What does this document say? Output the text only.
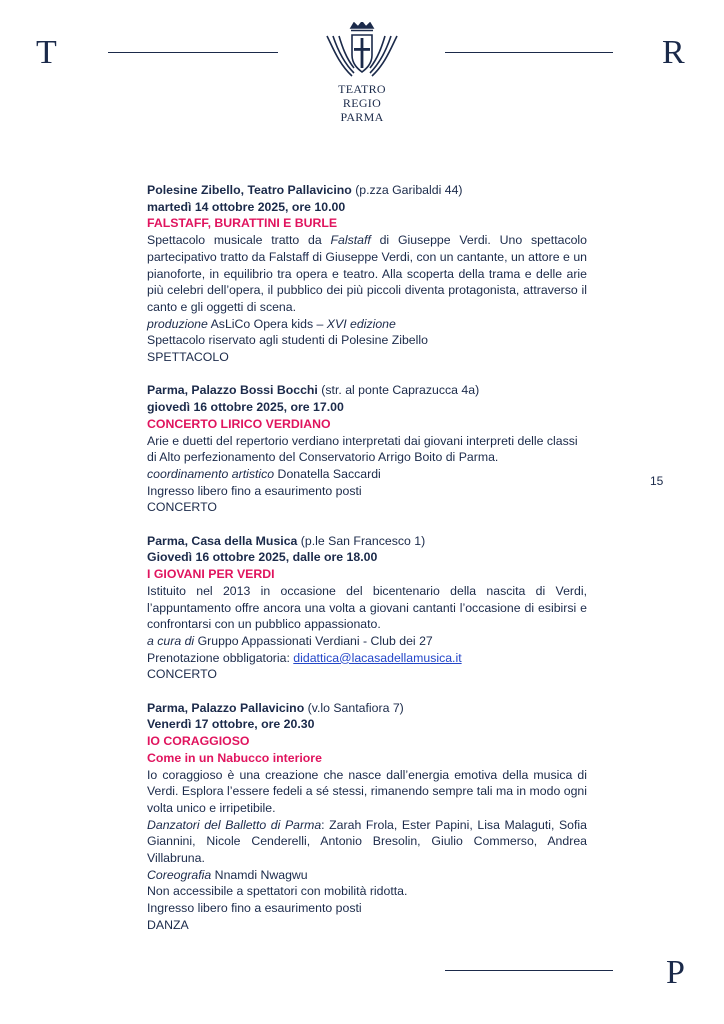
T
TEATRO REGIO
PARMA
R
15

Polesine Zibello, Teatro Pallavicino (p.zza Garibaldi 44)

martedì 14 ottobre 2025, ore 10.00

FALSTAFF, BURATTINI E BURLE

Spettacolo musicale tratto da Falstaff di Giuseppe Verdi. Uno spettacolo partecipativo tratto da Falstaff di Giuseppe Verdi, con un cantante, un attore e un pianoforte, in equilibrio tra opera e teatro. Alla scoperta della trama e delle arie più celebri dell’opera, il pubblico dei più piccoli diventa protagonista, attraverso il canto e gli oggetti di scena.

produzione AsLiCo Opera kids – XVI edizione

Spettacolo riservato agli studenti di Polesine Zibello

SPETTACOLO

Parma, Palazzo Bossi Bocchi (str. al ponte Caprazucca 4a)

giovedì 16 ottobre 2025, ore 17.00

CONCERTO LIRICO VERDIANO

Arie e duetti del repertorio verdiano interpretati dai giovani interpreti delle classi di Alto perfezionamento del Conservatorio Arrigo Boito di Parma.

coordinamento artistico Donatella Saccardi

Ingresso libero fino a esaurimento posti

CONCERTO

Parma, Casa della Musica (p.le San Francesco 1)

Giovedì 16 ottobre 2025, dalle ore 18.00

I GIOVANI PER VERDI

Istituito nel 2013 in occasione del bicentenario della nascita di Verdi, l’appuntamento offre ancora una volta a giovani cantanti l’occasione di esibirsi e confrontarsi con un pubblico appassionato.

a cura di Gruppo Appassionati Verdiani - Club dei 27

Prenotazione obbligatoria: didattica@lacasadellamusica.it

CONCERTO

Parma, Palazzo Pallavicino (v.lo Santafiora 7)

Venerdì 17 ottobre, ore 20.30

IO CORAGGIOSO

Come in un Nabucco interiore

Io coraggioso è una creazione che nasce dall’energia emotiva della musica di Verdi. Esplora l’essere fedeli a sé stessi, rimanendo sempre tali ma in modo ogni volta unico e irripetibile.

Danzatori del Balletto di Parma: Zarah Frola, Ester Papini, Lisa Malaguti, Sofia Giannini, Nicole Cenderelli, Antonio Bresolin, Giulio Commerso, Andrea Villabruna.

Coreografia Nnamdi Nwagwu

Non accessibile a spettatori con mobilità ridotta.

Ingresso libero fino a esaurimento posti

DANZA

P
